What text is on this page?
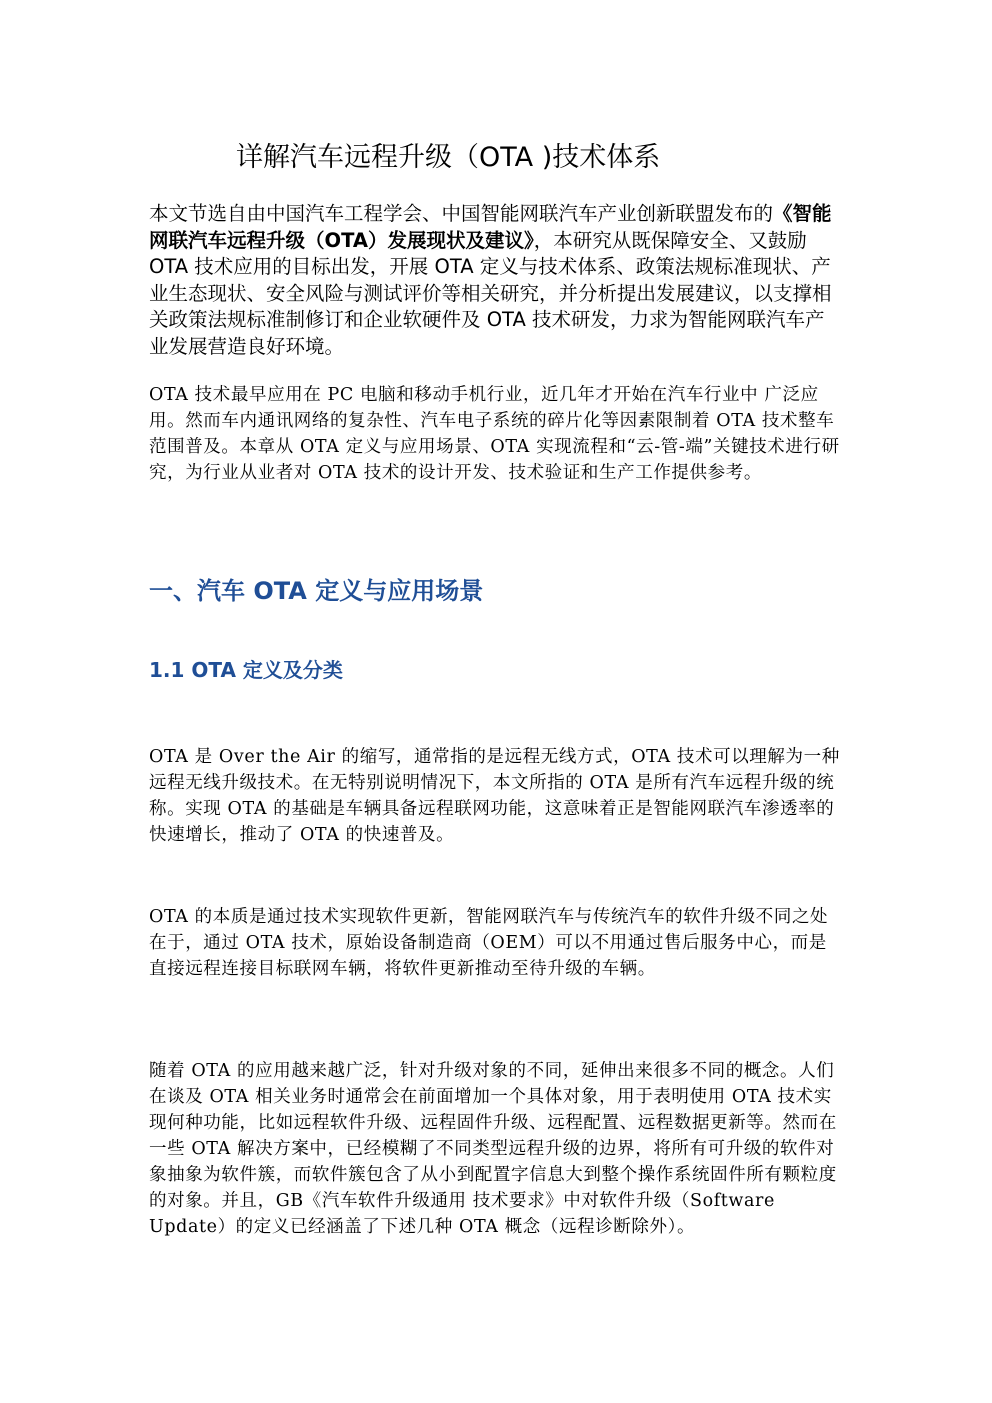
详解汽车远程升级（OTA )技术体系

本文节选自由中国汽车工程学会、中国智能网联汽车产业创新联盟发布的《智能网联汽车远程升级（OTA）发展现状及建议》，本研究从既保障安全、又鼓励 OTA 技术应用的目标出发，开展 OTA 定义与技术体系、政策法规标准现状、产业生态现状、安全风险与测试评价等相关研究，并分析提出发展建议，以支撑相关政策法规标准制修订和企业软硬件及 OTA 技术研发，力求为智能网联汽车产业发展营造良好环境。

OTA 技术最早应用在 PC 电脑和移动手机行业，近几年才开始在汽车行业中 广泛应用。然而车内通讯网络的复杂性、汽车电子系统的碎片化等因素限制着 OTA 技术整车范围普及。本章从 OTA 定义与应用场景、OTA 实现流程和“云-管-端”关键技术进行研究，为行业从业者对 OTA 技术的设计开发、技术验证和生产工作提供参考。

一、汽车 OTA 定义与应用场景
1.1 OTA 定义及分类

OTA 是 Over the Air 的缩写，通常指的是远程无线方式，OTA 技术可以理解为一种远程无线升级技术。在无特别说明情况下，本文所指的 OTA 是所有汽车远程升级的统称。实现 OTA 的基础是车辆具备远程联网功能，这意味着正是智能网联汽车渗透率的快速增长，推动了 OTA 的快速普及。

OTA 的本质是通过技术实现软件更新，智能网联汽车与传统汽车的软件升级不同之处在于，通过 OTA 技术，原始设备制造商（OEM）可以不用通过售后服务中心，而是直接远程连接目标联网车辆，将软件更新推动至待升级的车辆。

随着 OTA 的应用越来越广泛，针对升级对象的不同，延伸出来很多不同的概念。人们在谈及 OTA 相关业务时通常会在前面增加一个具体对象，用于表明使用 OTA 技术实现何种功能，比如远程软件升级、远程固件升级、远程配置、远程数据更新等。然而在一些 OTA 解决方案中，已经模糊了不同类型远程升级的边界，将所有可升级的软件对象抽象为软件簇，而软件簇包含了从小到配置字信息大到整个操作系统固件所有颗粒度的对象。并且，GB《汽车软件升级通用 技术要求》中对软件升级（Software Update）的定义已经涵盖了下述几种 OTA 概念（远程诊断除外）。
